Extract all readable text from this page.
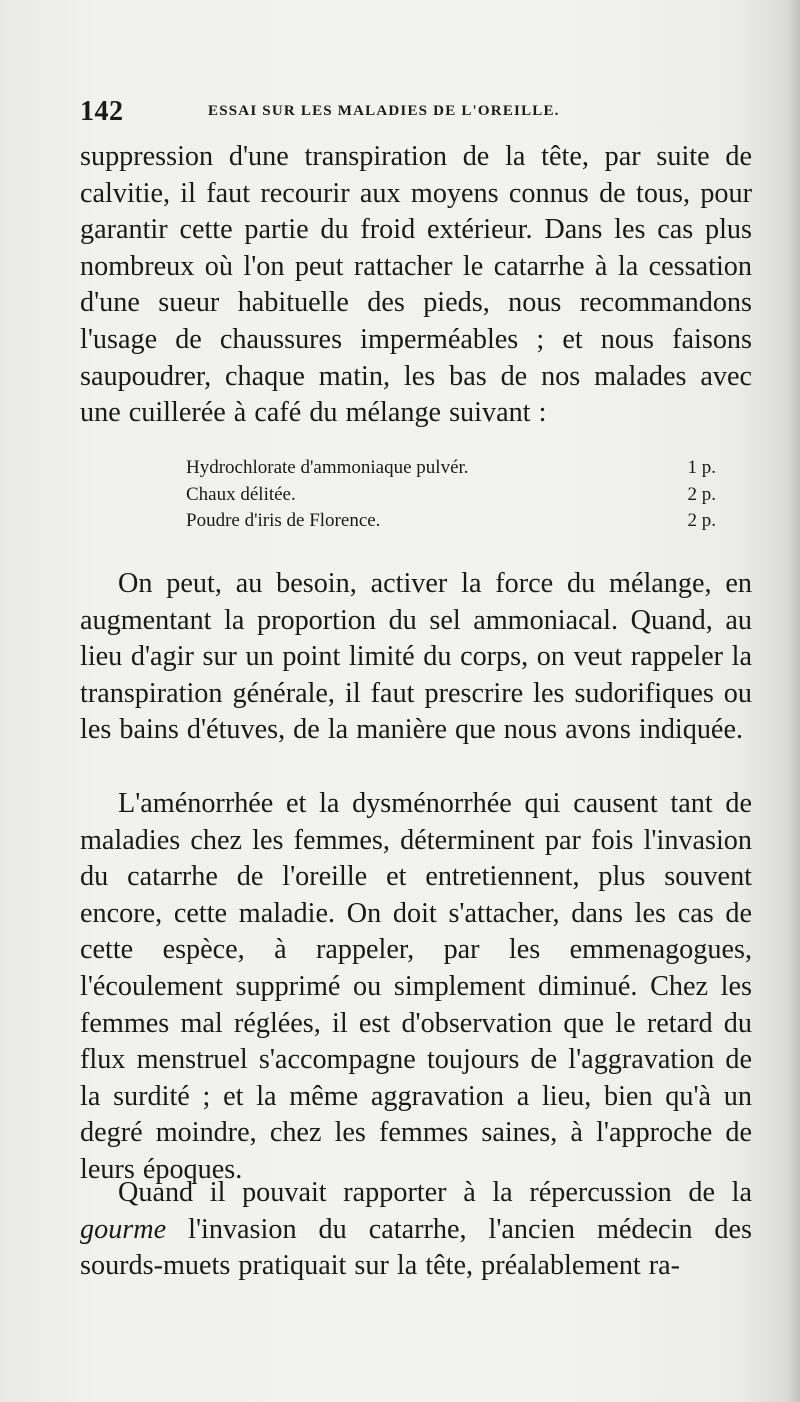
142	ESSAI SUR LES MALADIES DE L'OREILLE.

suppression d'une transpiration de la tête, par suite de calvitie, il faut recourir aux moyens connus de tous, pour garantir cette partie du froid extérieur. Dans les cas plus nombreux où l'on peut rattacher le catarrhe à la cessation d'une sueur habituelle des pieds, nous recommandons l'usage de chaussures imperméables ; et nous faisons saupoudrer, chaque matin, les bas de nos malades avec une cuillerée à café du mélange suivant :

Hydrochlorate d'ammoniaque pulvér.	1 p.
Chaux délitée.	2 p.
Poudre d'iris de Florence.	2 p.

On peut, au besoin, activer la force du mélange, en augmentant la proportion du sel ammoniacal. Quand, au lieu d'agir sur un point limité du corps, on veut rappeler la transpiration générale, il faut prescrire les sudorifiques ou les bains d'étuves, de la manière que nous avons indiquée.

L'aménorrhée et la dysménorrhée qui causent tant de maladies chez les femmes, déterminent par fois l'invasion du catarrhe de l'oreille et entretiennent, plus souvent encore, cette maladie. On doit s'attacher, dans les cas de cette espèce, à rappeler, par les emmenagogues, l'écoulement supprimé ou simplement diminué. Chez les femmes mal réglées, il est d'observation que le retard du flux menstruel s'accompagne toujours de l'aggravation de la surdité ; et la même aggravation a lieu, bien qu'à un degré moindre, chez les femmes saines, à l'approche de leurs époques.

Quand il pouvait rapporter à la répercussion de la gourme l'invasion du catarrhe, l'ancien médecin des sourds-muets pratiquait sur la tête, préalablement ra-
